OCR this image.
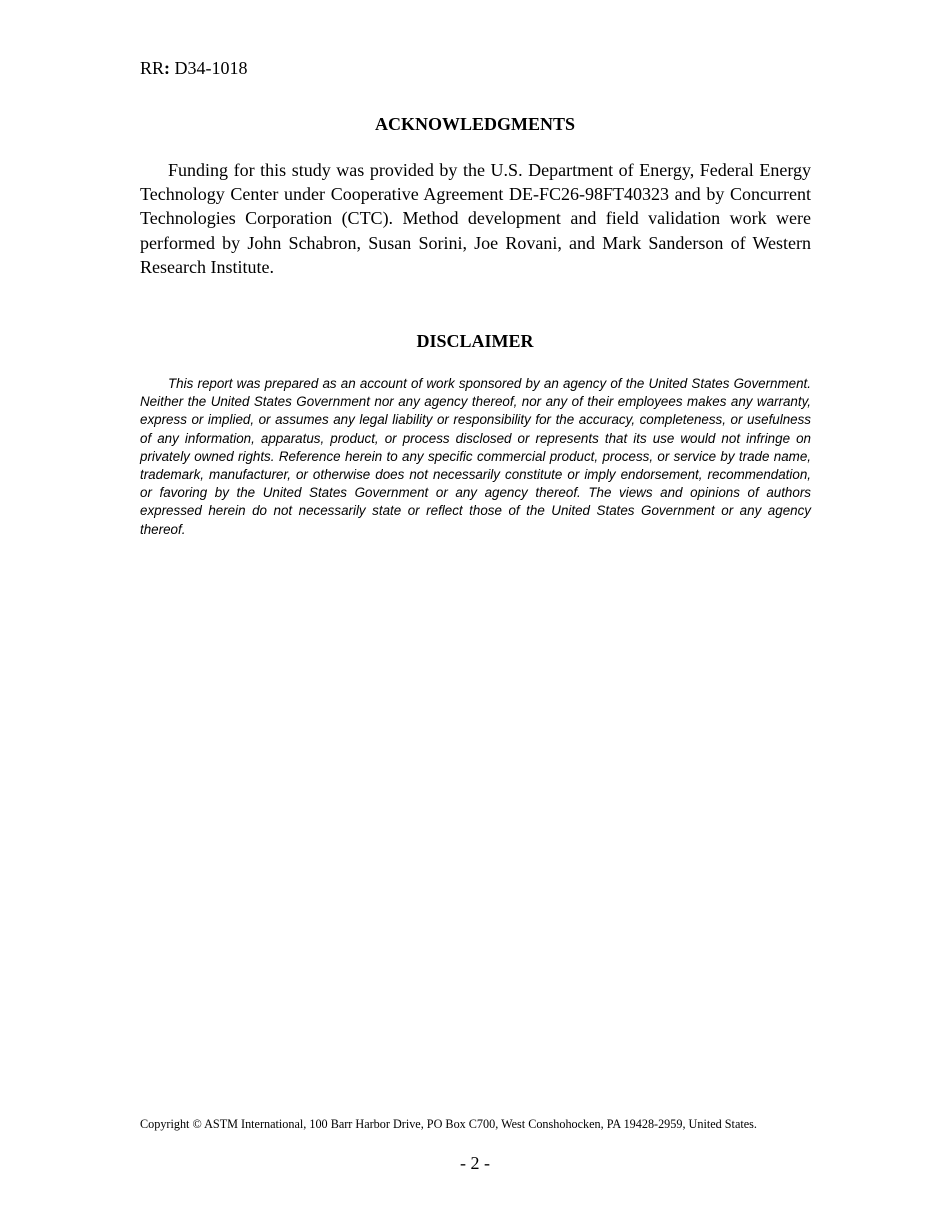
RR: D34-1018
ACKNOWLEDGMENTS

Funding for this study was provided by the U.S. Department of Energy, Federal Energy Technology Center under Cooperative Agreement DE-FC26-98FT40323 and by Concurrent Technologies Corporation (CTC). Method development and field validation work were performed by John Schabron, Susan Sorini, Joe Rovani, and Mark Sanderson of Western Research Institute.

DISCLAIMER

This report was prepared as an account of work sponsored by an agency of the United States Government. Neither the United States Government nor any agency thereof, nor any of their employees makes any warranty, express or implied, or assumes any legal liability or responsibility for the accuracy, completeness, or usefulness of any information, apparatus, product, or process disclosed or represents that its use would not infringe on privately owned rights. Reference herein to any specific commercial product, process, or service by trade name, trademark, manufacturer, or otherwise does not necessarily constitute or imply endorsement, recommendation, or favoring by the United States Government or any agency thereof. The views and opinions of authors expressed herein do not necessarily state or reflect those of the United States Government or any agency thereof.

Copyright © ASTM International, 100 Barr Harbor Drive, PO Box C700, West Conshohocken, PA 19428-2959, United States.
- 2 -
